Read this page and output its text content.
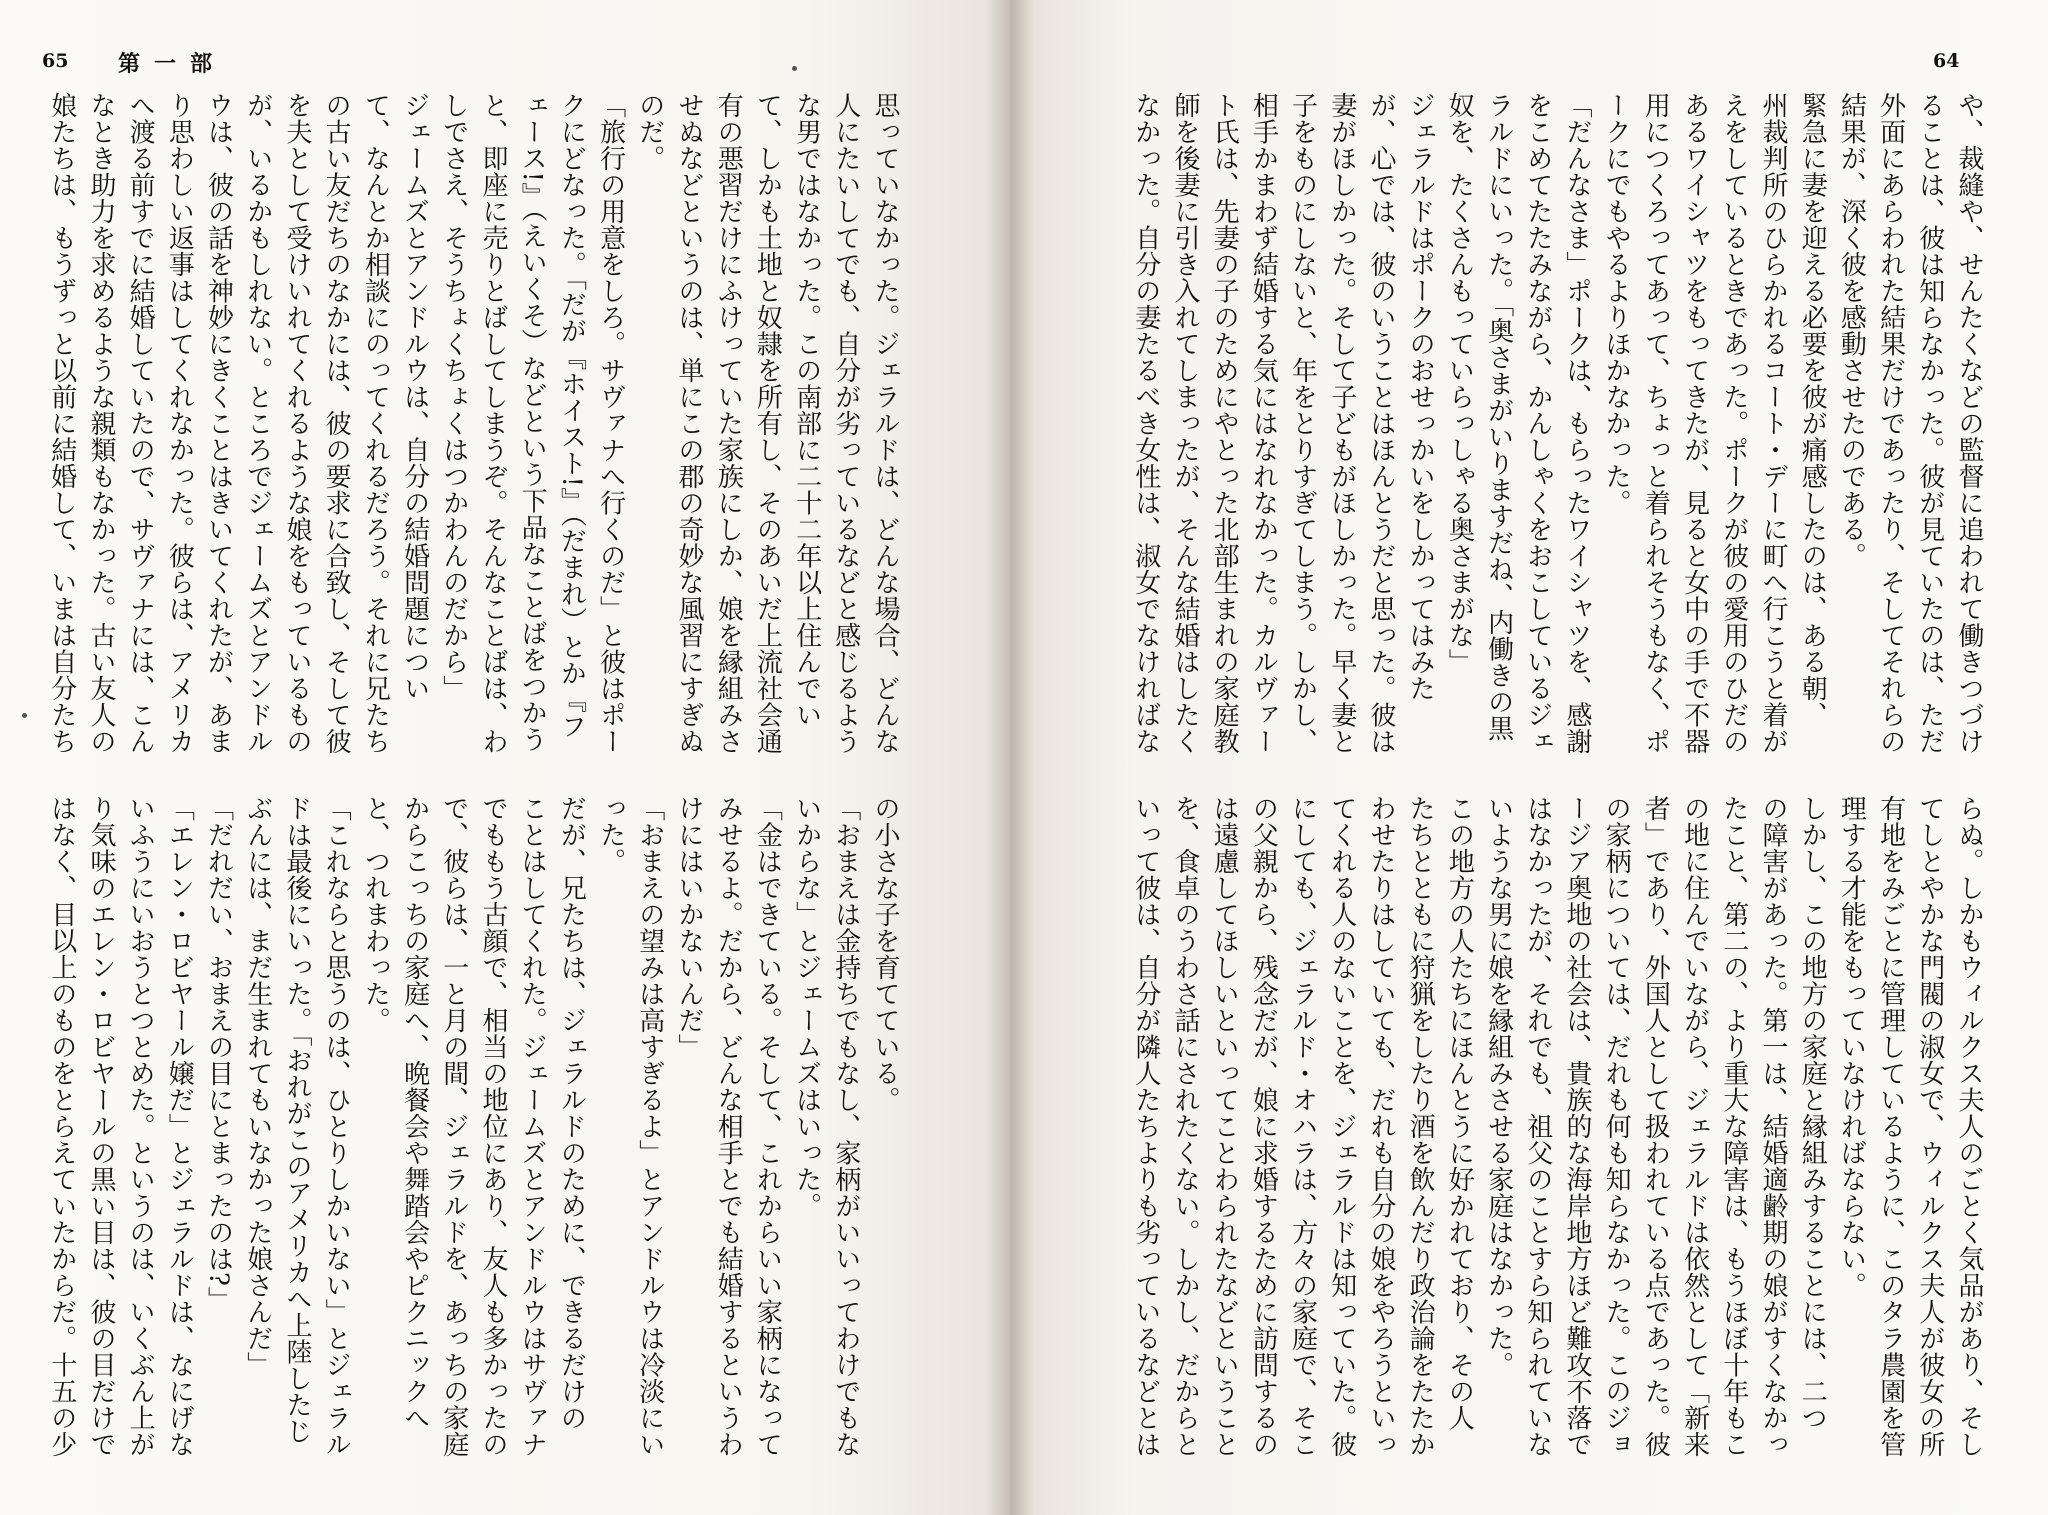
65 第一部	64
思っていなかった。ジェラルドは、どんな場合、どんな
人にたいしてでも、自分が劣っているなどと感じるよう
な男ではなかった。この南部に二十二年以上住んでい
て、しかも土地と奴隷を所有し、そのあいだ上流社会通
有の悪習だけにふけっていた家族にしか、娘を縁組みさ
せぬなどというのは、単にこの郡の奇妙な風習にすぎぬ
のだ。
「旅行の用意をしろ。サヴァナへ行くのだ」と彼はポー
クにどなった。「だが『ホイスト!』（だまれ）とか『フ
ェース!』（えいくそ）などという下品なことばをつかう
と、即座に売りとばしてしまうぞ。そんなことばは、わ
しでさえ、そうちょくちょくはつかわんのだから」
ジェームズとアンドルウは、自分の結婚問題につい
て、なんとか相談にのってくれるだろう。それに兄たち
の古い友だちのなかには、彼の要求に合致し、そして彼
を夫として受けいれてくれるような娘をもっているもの
が、いるかもしれない。ところでジェームズとアンドル
ウは、彼の話を神妙にきくことはきいてくれたが、あま
り思わしい返事はしてくれなかった。彼らは、アメリカ
へ渡る前すでに結婚していたので、サヴァナには、こん
なとき助力を求めるような親類もなかった。古い友人の
娘たちは、もうずっと以前に結婚して、いまは自分たち
の小さな子を育てている。
「おまえは金持ちでもなし、家柄がいいってわけでもな
いからな」とジェームズはいった。
「金はできている。そして、これからいい家柄になって
みせるよ。だから、どんな相手とでも結婚するというわ
けにはいかないんだ」
「おまえの望みは高すぎるよ」とアンドルウは冷淡にい
った。
だが、兄たちは、ジェラルドのために、できるだけの
ことはしてくれた。ジェームズとアンドルウはサヴァナ
でももう古顔で、相当の地位にあり、友人も多かったの
で、彼らは、一と月の間、ジェラルドを、あっちの家庭
からこっちの家庭へ、晩餐会や舞踏会やピクニックへ
と、つれまわった。
「これならと思うのは、ひとりしかいない」とジェラル
ドは最後にいった。「おれがこのアメリカへ上陸したじ
ぶんには、まだ生まれてもいなかった娘さんだ」
「だれだい、おまえの目にとまったのは?」
「エレン・ロビヤール嬢だ」とジェラルドは、なにげな
いふうにいおうとつとめた。というのは、いくぶん上が
り気味のエレン・ロビヤールの黒い目は、彼の目だけで
はなく、目以上のものをとらえていたからだ。十五の少
や、裁縫や、せんたくなどの監督に追われて働きつづけ
ることは、彼は知らなかった。彼が見ていたのは、ただ
外面にあらわれた結果だけであったり、そしてそれらの
結果が、深く彼を感動させたのである。
緊急に妻を迎える必要を彼が痛感したのは、ある朝、
州裁判所のひらかれるコート・デーに町へ行こうと着が
えをしているときであった。ポークが彼の愛用のひだの
あるワイシャツをもってきたが、見ると女中の手で不器
用につくろってあって、ちょっと着られそうもなく、ポ
ークにでもやるよりほかなかった。
「だんなさま」ポークは、もらったワイシャツを、感謝
をこめてたたみながら、かんしゃくをおこしているジェ
ラルドにいった。「奥さまがいりますだね、内働きの黒
奴を、たくさんもっていらっしゃる奥さまがな」
ジェラルドはポークのおせっかいをしかってはみた
が、心では、彼のいうことはほんとうだと思った。彼は
妻がほしかった。そして子どもがほしかった。早く妻と
子をものにしないと、年をとりすぎてしまう。しかし、
相手かまわず結婚する気にはなれなかった。カルヴァー
ト氏は、先妻の子のためにやとった北部生まれの家庭教
師を後妻に引き入れてしまったが、そんな結婚はしたく
なかった。自分の妻たるべき女性は、淑女でなければな
らぬ。しかもウィルクス夫人のごとく気品があり、そし
てしとやかな門閥の淑女で、ウィルクス夫人が彼女の所
有地をみごとに管理しているように、このタラ農園を管
理する才能をもっていなければならない。
しかし、この地方の家庭と縁組みすることには、二つ
の障害があった。第一は、結婚適齢期の娘がすくなかっ
たこと、第二の、より重大な障害は、もうほぼ十年もこ
の地に住んでいながら、ジェラルドは依然として「新来
者」であり、外国人として扱われている点であった。彼
の家柄については、だれも何も知らなかった。このジョ
ージア奥地の社会は、貴族的な海岸地方ほど難攻不落で
はなかったが、それでも、祖父のことすら知られていな
いような男に娘を縁組みさせる家庭はなかった。
この地方の人たちにほんとうに好かれており、その人
たちとともに狩猟をしたり酒を飲んだり政治論をたたか
わせたりはしていても、だれも自分の娘をやろうといっ
てくれる人のないことを、ジェラルドは知っていた。彼
にしても、ジェラルド・オハラは、方々の家庭で、そこ
の父親から、残念だが、娘に求婚するために訪問するの
は遠慮してほしいといってことわられたなどということ
を、食卓のうわさ話にされたくない。しかし、だからと
いって彼は、自分が隣人たちよりも劣っているなどとは
